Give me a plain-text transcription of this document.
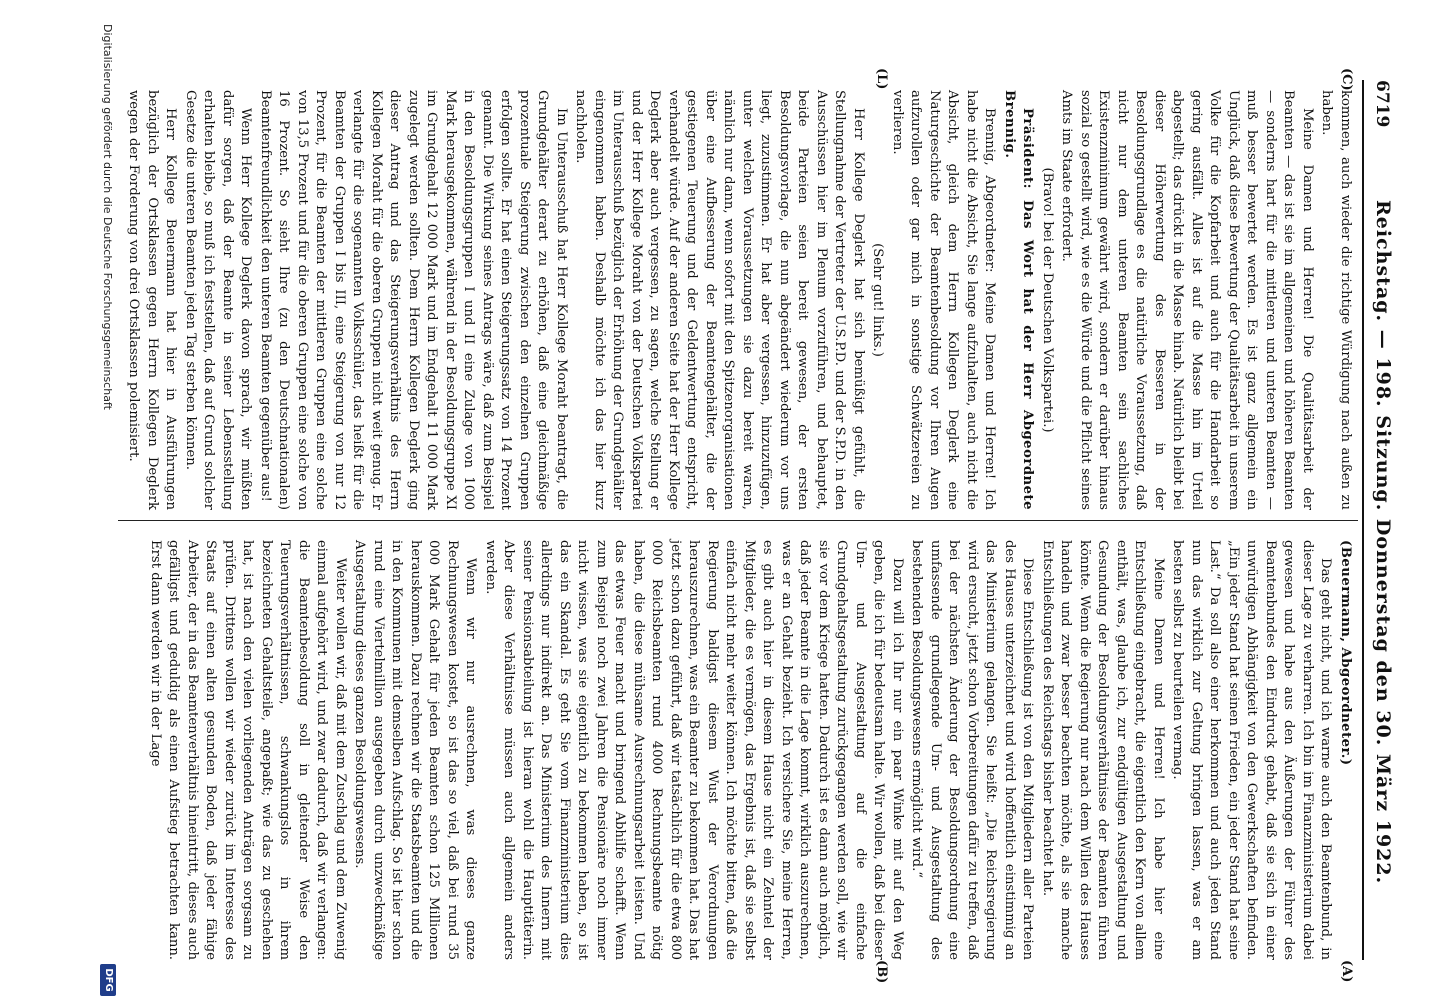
6719
Reichstag. — 198. Sitzung. Donnerstag den 30. März 1922.
(C)
(L)
(A)
(B)

kommen, auch wieder die richtige Würdigung nach außen zu haben.

Meine Damen und Herren! Die Qualitätsarbeit der Beamten — das ist sie im allgemeinen und höheren Beamten — sonderns hart für die mittleren und unteren Beamten — muß besser bewertet werden. Es ist ganz allgemein ein Unglück, daß diese Bewertung der Qualitätsarbeit in unserem Volke für die Kopfarbeit und auch für die Handarbeit so gering ausfällt. Alles ist auf die Masse hin im Urteil abgestellt; das drückt in die Masse hinab. Natürlich bleibt bei dieser Höherwertung des Besseren in der Besoldungsgrundlage es die natürliche Voraussetzung, daß nicht nur dem unteren Beamten sein sachliches Existenzminimum gewährt wird, sondern er darüber hinaus sozial so gestellt wird, wie es die Würde und die Pflicht seines Amts im Staate erfordert.

(Bravo! bei der Deutschen Volkspartei.)

Präsident: Das Wort hat der Herr Abgeordnete Brennig.

Brennig, Abgeordneter: Meine Damen und Herren! Ich habe nicht die Absicht, Sie lange aufzuhalten, auch nicht die Absicht, gleich dem Herrn Kollegen Deglerk eine Naturgeschichte der Beamtenbesoldung vor Ihren Augen aufzurollen oder gar mich in sonstige Schwätzereien zu verlieren.

(Sehr gut! links.)

Herr Kollege Deglerk hat sich bemüßigt gefühlt, die Stellungnahme der Vertreter der U.S.P.D. und der S.P.D. in den Ausschüssen hier im Plenum vorzuführen, und behauptet, beide Parteien seien bereit gewesen, der ersten Besoldungsvorlage, die nun abgeändert wiederum vor uns liegt, zuzustimmen. Er hat aber vergessen, hinzuzufügen, unter welchen Voraussetzungen sie dazu bereit waren, nämlich nur dann, wenn sofort mit den Spitzenorganisationen über eine Aufbesserung der Beamtengehälter, die der gestiegenen Teuerung und der Geldentwertung entspricht, verhandelt würde. Auf der anderen Seite hat der Herr Kollege Deglerk aber auch vergessen, zu sagen, welche Stellung er und der Herr Kollege Moraht von der Deutschen Volkspartei im Unterausschuß bezüglich der Erhöhung der Grundgehälter eingenommen haben. Deshalb möchte ich das hier kurz nachholen.

Im Unterausschuß hat Herr Kollege Moraht beantragt, die Grundgehälter derart zu erhöhen, daß eine gleichmäßige prozentuale Steigerung zwischen den einzelnen Gruppen erfolgen sollte. Er hat einen Steigerungssatz von 14 Prozent genannt. Die Wirkung seines Antrags wäre, daß zum Beispiel in den Besoldungsgruppen I und II eine Zulage von 1000 Mark herausgekommen, während in der Besoldungsgruppe XI im Grundgehalt 12 000 Mark und im Endgehalt 11 000 Mark zugelegt werden sollten. Dem Herrn Kollegen Deglerk ging dieser Antrag und das Steigerungsverhältnis des Herrn Kollegen Moraht für die oberen Gruppen nicht weit genug. Er verlangte für die sogenannten Volksschüler, das heißt für die Beamten der Gruppen I bis III, eine Steigerung von nur 12 Prozent, für die Beamten der mittleren Gruppen eine solche von 13,5 Prozent und für die oberen Gruppen eine solche von 16 Prozent. So sieht Ihre (zu den Deutschnationalen) Beamtenfreundlichkeit den unteren Beamten gegenüber aus!

Wenn Herr Kollege Deglerk davon sprach, wir müßten dafür sorgen, daß der Beamte in seiner Lebensstellung erhalten bleibe, so muß ich feststellen, daß auf Grund solcher Gesetze die unteren Beamten jeden Tag sterben können.

Herr Kollege Beuermann hat hier in Ausführungen bezüglich der Ortsklassen gegen Herrn Kollegen Deglerk wegen der Forderung von drei Ortsklassen polemisiert.

(Beuermann, Abgeordneter.)

Das geht nicht, und ich warne auch den Beamtenbund, in dieser Lage zu verharren. Ich bin im Finanzministerium dabei gewesen und habe aus den Äußerungen der Führer des Beamtenbundes den Eindruck gehabt, daß sie sich in einer unwürdigen Abhängigkeit von den Gewerkschaften befinden. „Ein jeder Stand hat seinen Frieden, ein jeder Stand hat seine Last.“ Da soll also einer herkommen und auch jeden Stand nun das wirklich zur Geltung bringen lassen, was er am besten selbst zu beurteilen vermag.

Meine Damen und Herren! Ich habe hier eine Entschließung eingebracht, die eigentlich den Kern von allem enthält, was, glaube ich, zur endgültigen Ausgestaltung und Gesundung der Besoldungsverhältnisse der Beamten führen könnte. Wenn die Regierung nur nach dem Willen des Hauses handeln und zwar besser beachten möchte, als sie manche Entschließungen des Reichstags bisher beachtet hat.

Diese Entschließung ist von den Mitgliedern aller Parteien des Hauses unterzeichnet und wird hoffentlich einstimmig an das Ministerium gelangen. Sie heißt: „Die Reichsregierung wird ersucht, jetzt schon Vorbereitungen dafür zu treffen, daß bei der nächsten Änderung der Besoldungsordnung eine umfassende grundlegende Um- und Ausgestaltung des bestehenden Besoldungswesens ermöglicht wird.“

Dazu will ich Ihr nur ein paar Winke mit auf den Weg geben, die ich für bedeutsam halte. Wir wollen, daß bei dieser Um- und Ausgestaltung auf die einfache Grundgehaltsgestaltung zurückgegangen werden soll, wie wir sie vor dem Kriege hatten. Dadurch ist es dann auch möglich, daß jeder Beamte in die Lage kommt, wirklich auszurechnen, was er an Gehalt bezieht. Ich versichere Sie, meine Herren, es gibt auch hier in diesem Hause nicht ein Zehntel der Mitglieder, die es vermögen, das Ergebnis ist, daß sie selbst einfach nicht mehr weiter können. Ich möchte bitten, daß die Regierung baldigst diesem Wust der Verordnungen herauszurechnen, was ein Beamter zu bekommen hat. Das hat jetzt schon dazu geführt, daß wir tatsächlich für die etwa 800 000 Reichsbeamten rund 4000 Rechnungsbeamte nötig haben, die diese mühsame Ausrechnungsarbeit leisten. Und das etwas Feuer macht und bringend Abhilfe schafft. Wenn zum Beispiel noch zwei Jahren die Pensionäre noch immer nicht wissen, was sie eigentlich zu bekommen haben, so ist das ein Skandal. Es geht Sie vom Finanzministerium dies allerdings nur indirekt an. Das Ministerium des Innern mit seiner Pensionsabteilung ist hieran wohl die Haupttäterin. Aber diese Verhältnisse müssen auch allgemein anders werden.

Wenn wir nur ausrechnen, was dieses ganze Rechnungswesen kostet, so ist das so viel, daß bei rund 35 000 Mark Gehalt für jeden Beamten schon 125 Millionen herauskommen. Dazu rechnen wir die Staatsbeamten und die in den Kommunen mit demselben Aufschlag. So ist hier schon rund eine Viertelmillion ausgegeben durch unzweckmäßige Ausgestaltung dieses ganzen Besoldungswesens.

Weiter wollen wir, daß mit dem Zuschlag und dem Zuwenig einmal aufgehört wird, und zwar dadurch, daß wir verlangen: die Beamtenbesoldung soll in gleitender Weise den Teuerungsverhältnissen, schwankungslos in ihrem bezeichneten Gehaltsteile, angepaßt; wie das zu geschehen hat, ist nach den vielen vorliegenden Anträgen sorgsam zu prüfen. Drittens wollen wir wieder zurück im Interesse des Staats auf einen alten gesunden Boden, daß jeder fähige Arbeiter, der in das Beamtenverhältnis hineintritt, dieses auch gefälligst und geduldig als einen Aufstieg betrachten kann. Erst dann werden wir in der Lage

Digitalisierung gefördert durch die Deutsche Forschungsgemeinschaft
DFG
